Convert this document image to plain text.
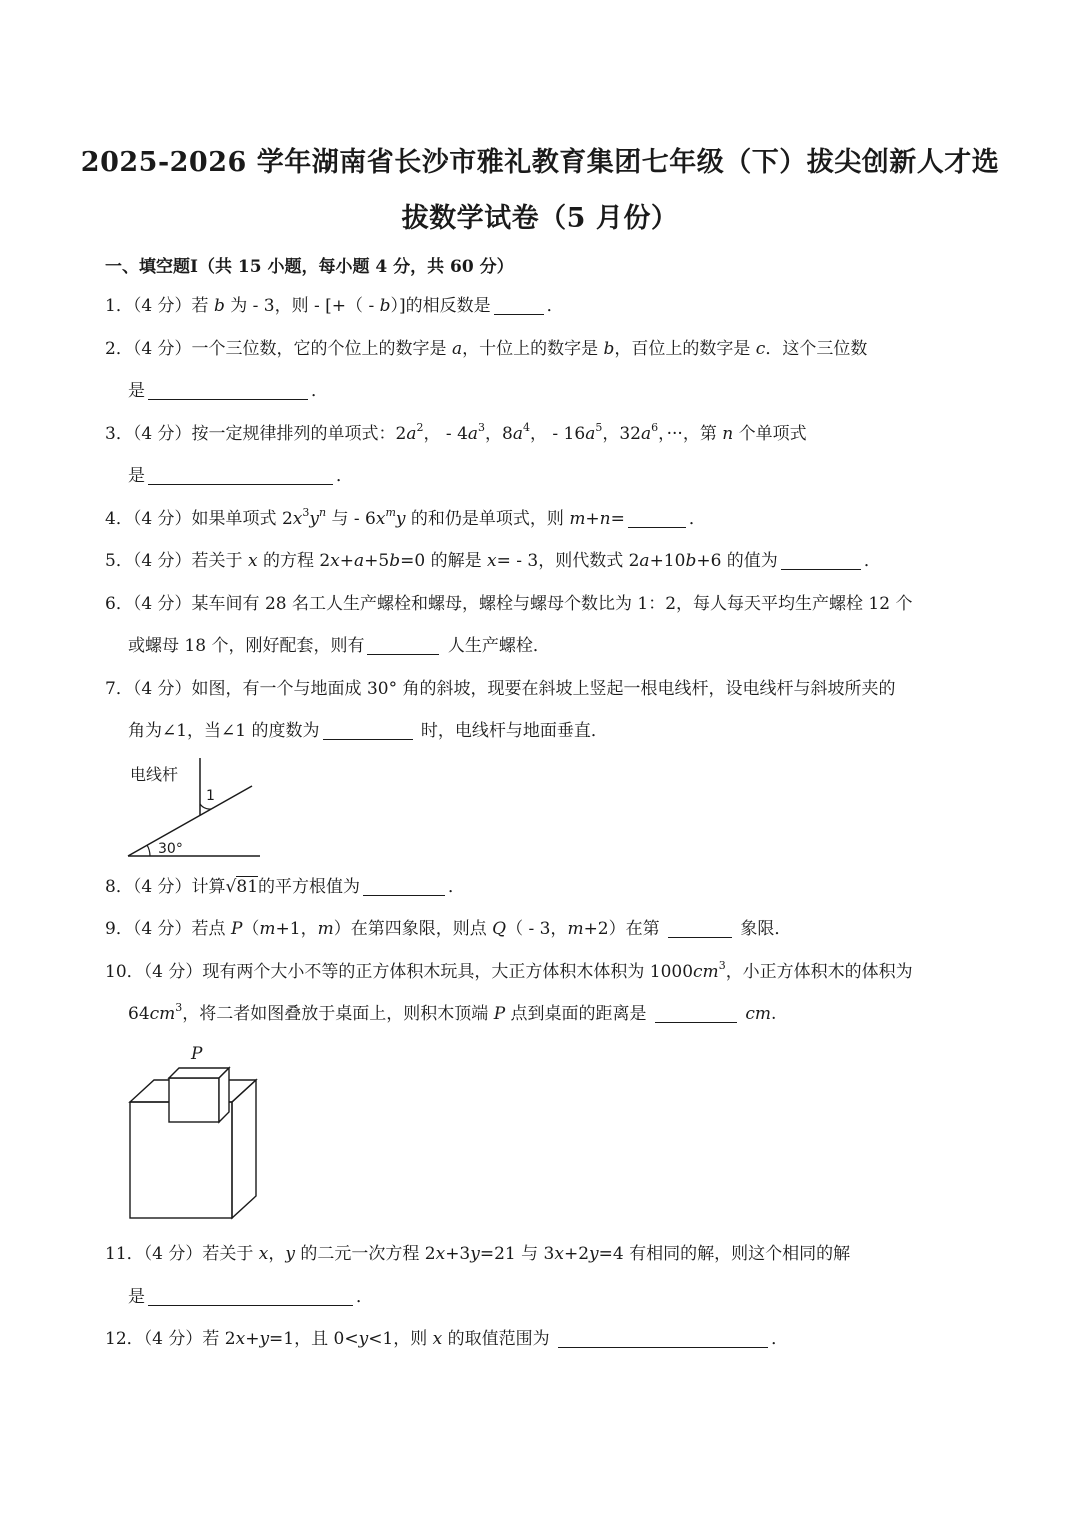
2025-2026 学年湖南省长沙市雅礼教育集团七年级（下）拔尖创新人才选
拔数学试卷（5 月份）
一、填空题Ⅰ（共 15 小题，每小题 4 分，共 60 分）
1．（4 分）若 b 为 - 3，则 - [+（ - b）]的相反数是	．
2．（4 分）一个三位数，它的个位上的数字是 a，十位上的数字是 b，百位上的数字是 c．这个三位数
是	．
3．（4 分）按一定规律排列的单项式：$2a^2$， - $4a^3$，$8a^4$， - $16a^5$，$32a^6$，···，第 n 个单项式
是	．
4．（4 分）如果单项式 $2x^3y^n$ 与 - $6x^my$ 的和仍是单项式，则 m+n=	．
5．（4 分）若关于 x 的方程 2x+a+5b=0 的解是 x= - 3，则代数式 2a+10b+6 的值为	．
6．（4 分）某车间有 28 名工人生产螺栓和螺母，螺栓与螺母个数比为 1：2，每人每天平均生产螺栓 12 个
或螺母 18 个，刚好配套，则有	人生产螺栓．
7．（4 分）如图，有一个与地面成 30° 角的斜坡，现要在斜坡上竖起一根电线杆，设电线杆与斜坡所夹的
角为∠1，当∠1 的度数为	时，电线杆与地面垂直．
电线杆
1
30°
8．（4 分）计算√81的平方根值为	．
9．（4 分）若点 P（m+1，m）在第四象限，则点 Q（ - 3，m+2）在第	象限．
10．（4 分）现有两个大小不等的正方体积木玩具，大正方体积木体积为 $1000cm^3$，小正方体积木的体积为
$64cm^3$，将二者如图叠放于桌面上，则积木顶端 P 点到桌面的距离是	cm.
P
11．（4 分）若关于 x，y 的二元一次方程 2x+3y=21 与 3x+2y=4 有相同的解，则这个相同的解
是	．
12．（4 分）若 2x+y=1，且 0<y<1，则 x 的取值范围为	．
